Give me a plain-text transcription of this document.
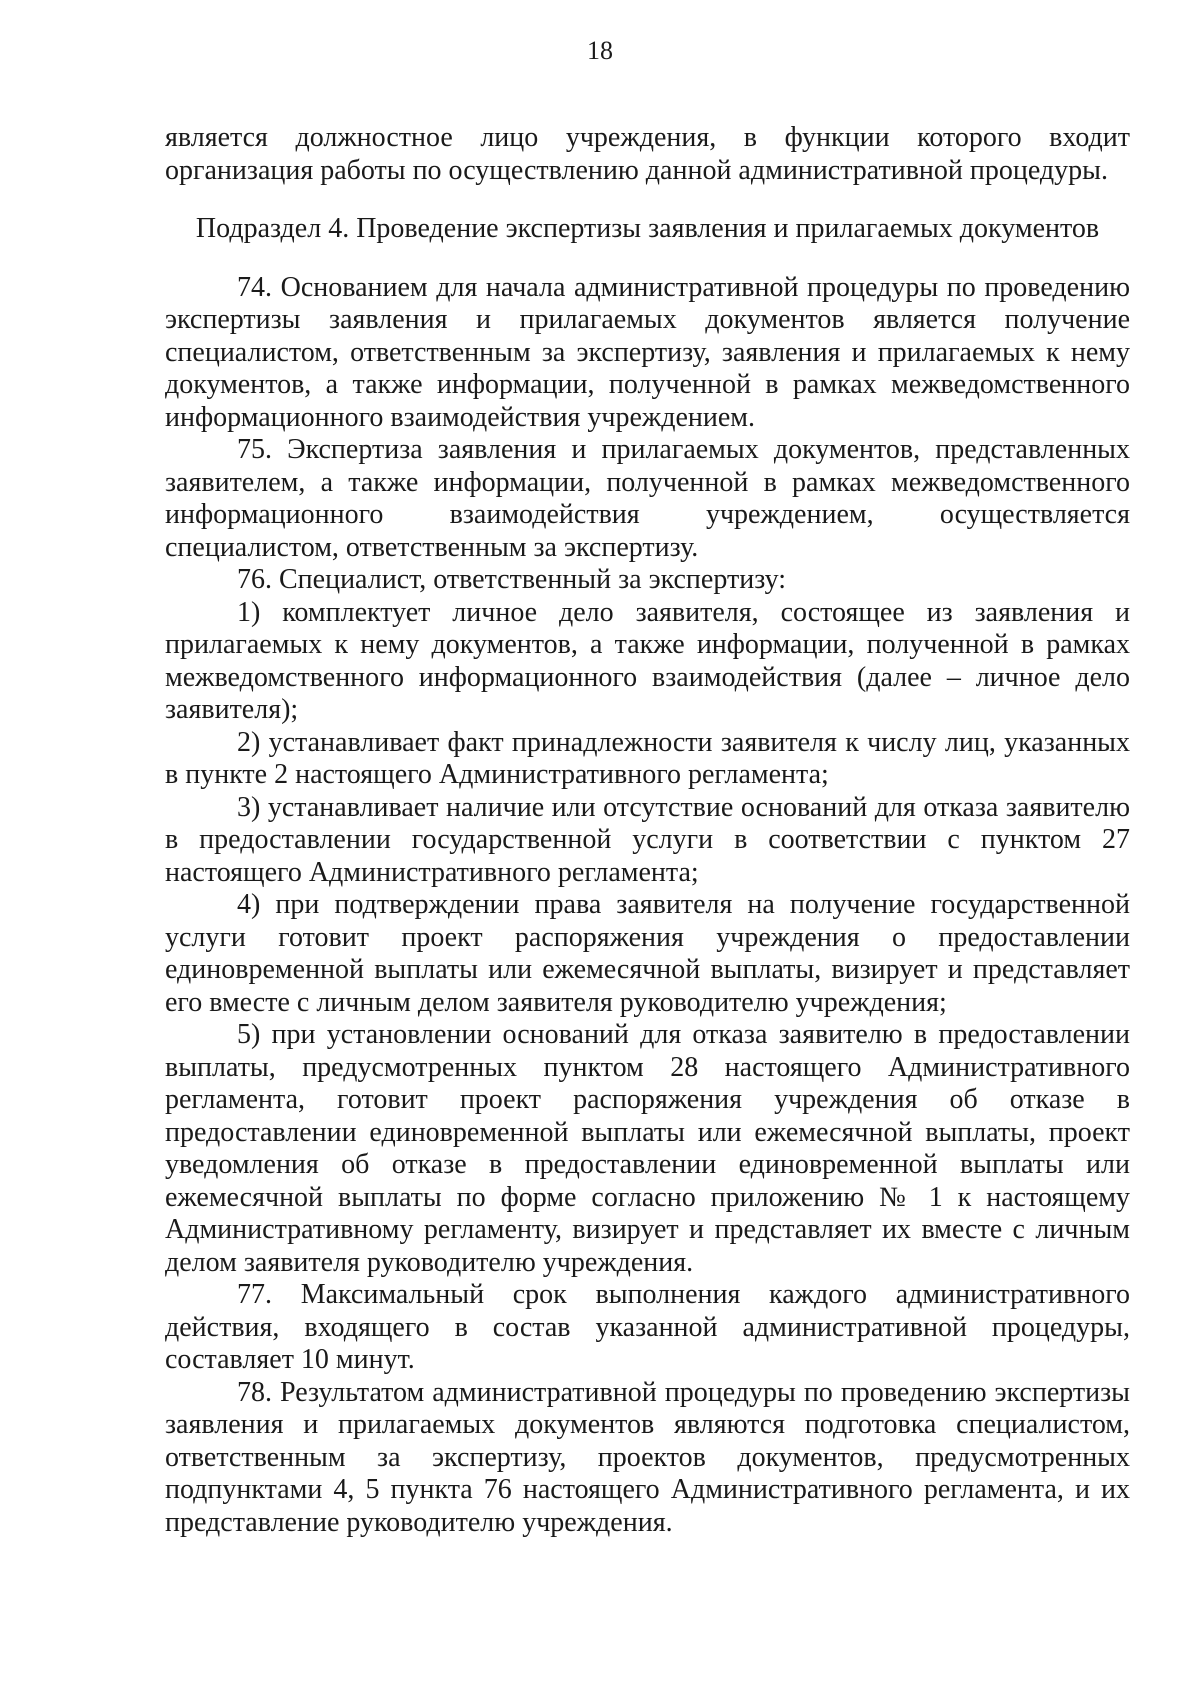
18

является должностное лицо учреждения, в функции которого входит организация работы по осуществлению данной административной процедуры.

Подраздел 4. Проведение экспертизы заявления и прилагаемых документов

74. Основанием для начала административной процедуры по проведению экспертизы заявления и прилагаемых документов является получение специалистом, ответственным за экспертизу, заявления и прилагаемых к нему документов, а также информации, полученной в рамках межведомственного информационного взаимодействия учреждением.

75. Экспертиза заявления и прилагаемых документов, представленных заявителем, а также информации, полученной в рамках межведомственного информационного взаимодействия учреждением, осуществляется специалистом, ответственным за экспертизу.

76. Специалист, ответственный за экспертизу:

1) комплектует личное дело заявителя, состоящее из заявления и прилагаемых к нему документов, а также информации, полученной в рамках межведомственного информационного взаимодействия (далее – личное дело заявителя);

2) устанавливает факт принадлежности заявителя к числу лиц, указанных в пункте 2 настоящего Административного регламента;

3) устанавливает наличие или отсутствие оснований для отказа заявителю в предоставлении государственной услуги в соответствии с пунктом 27 настоящего Административного регламента;

4) при подтверждении права заявителя на получение государственной услуги готовит проект распоряжения учреждения о предоставлении единовременной выплаты или ежемесячной выплаты, визирует и представляет его вместе с личным делом заявителя руководителю учреждения;

5) при установлении оснований для отказа заявителю в предоставлении выплаты, предусмотренных пунктом 28 настоящего Административного регламента, готовит проект распоряжения учреждения об отказе в предоставлении единовременной выплаты или ежемесячной выплаты, проект уведомления об отказе в предоставлении единовременной выплаты или ежемесячной выплаты по форме согласно приложению № 1 к настоящему Административному регламенту, визирует и представляет их вместе с личным делом заявителя руководителю учреждения.

77. Максимальный срок выполнения каждого административного действия, входящего в состав указанной административной процедуры, составляет 10 минут.

78. Результатом административной процедуры по проведению экспертизы заявления и прилагаемых документов являются подготовка специалистом, ответственным за экспертизу, проектов документов, предусмотренных подпунктами 4, 5 пункта 76 настоящего Административного регламента, и их представление руководителю учреждения.
